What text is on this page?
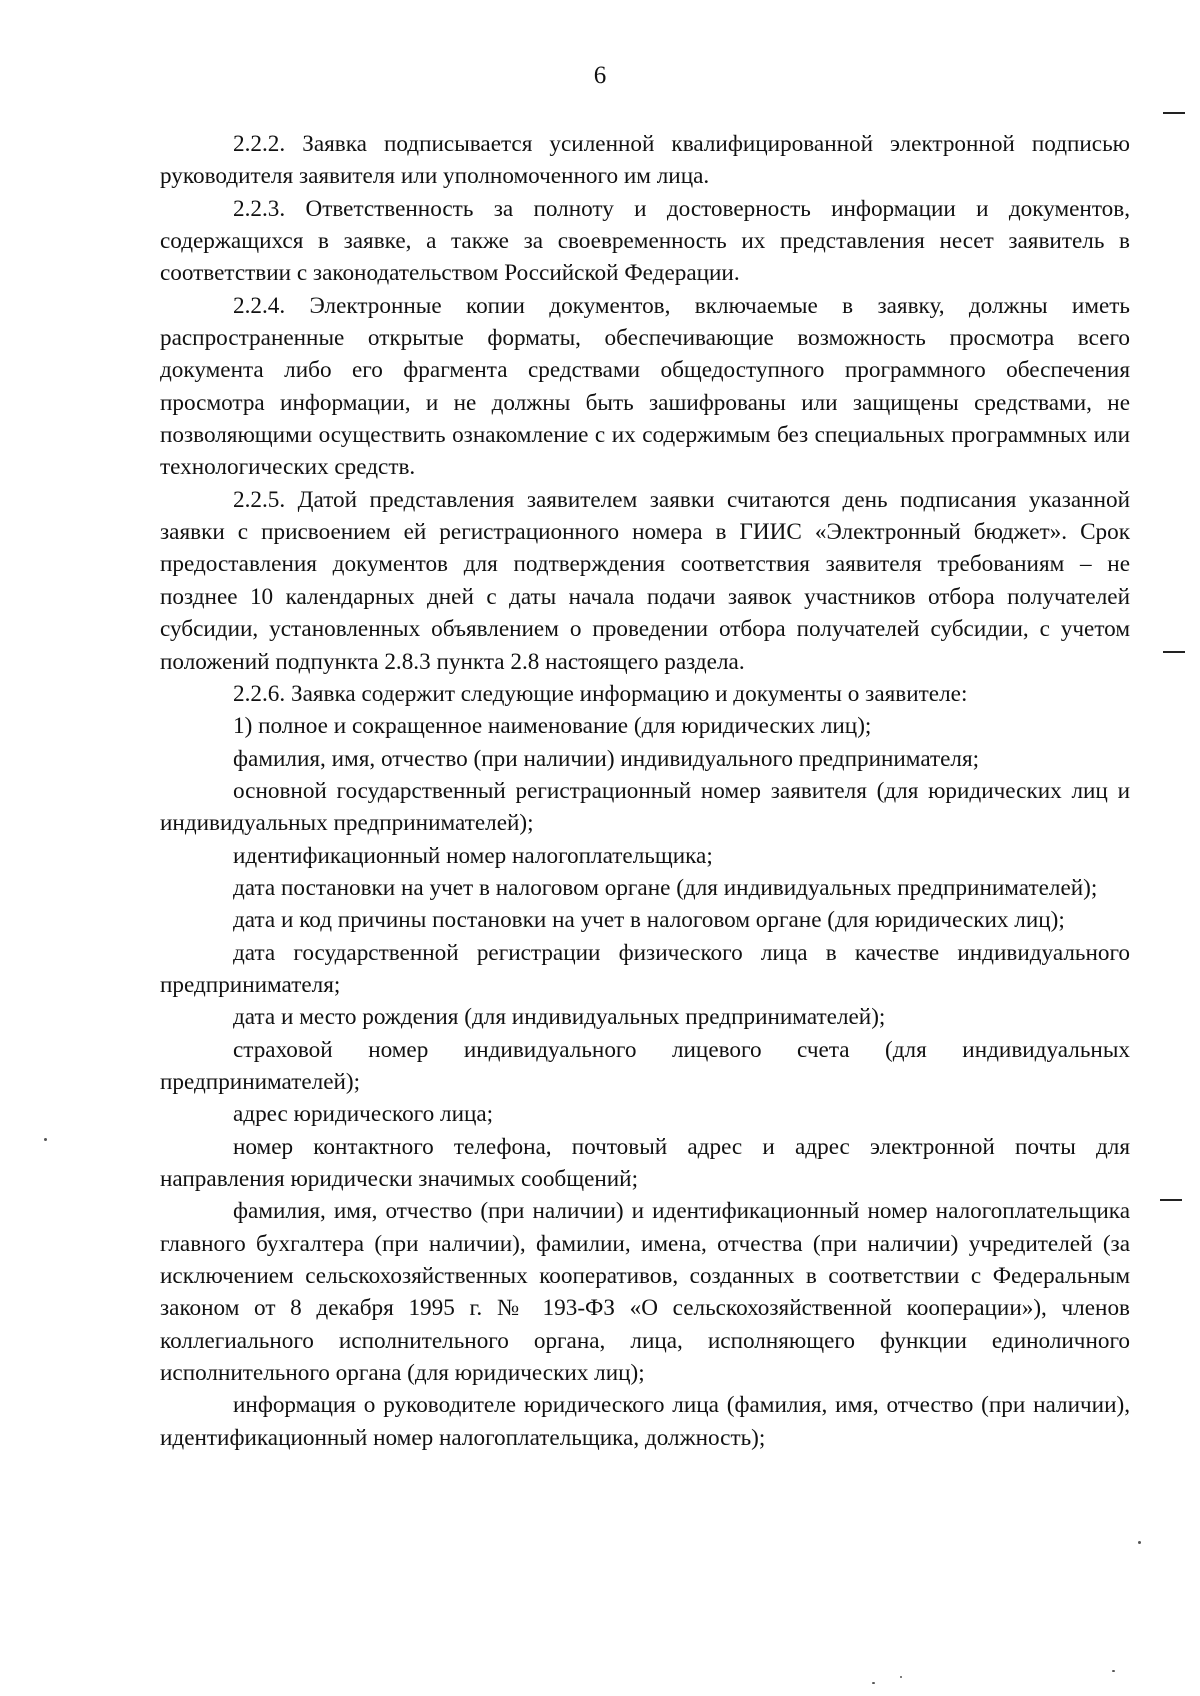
6

2.2.2. Заявка подписывается усиленной квалифицированной электронной подписью руководителя заявителя или уполномоченного им лица.

2.2.3. Ответственность за полноту и достоверность информации и документов, содержащихся в заявке, а также за своевременность их представления несет заявитель в соответствии с законодательством Российской Федерации.

2.2.4. Электронные копии документов, включаемые в заявку, должны иметь распространенные открытые форматы, обеспечивающие возможность просмотра всего документа либо его фрагмента средствами общедоступного программного обеспечения просмотра информации, и не должны быть зашифрованы или защищены средствами, не позволяющими осуществить ознакомление с их содержимым без специальных программных или технологических средств.

2.2.5. Датой представления заявителем заявки считаются день подписания указанной заявки с присвоением ей регистрационного номера в ГИИС «Электронный бюджет». Срок предоставления документов для подтверждения соответствия заявителя требованиям – не позднее 10 календарных дней с даты начала подачи заявок участников отбора получателей субсидии, установленных объявлением о проведении отбора получателей субсидии, с учетом положений подпункта 2.8.3 пункта 2.8 настоящего раздела.

2.2.6. Заявка содержит следующие информацию и документы о заявителе:

1) полное и сокращенное наименование (для юридических лиц);

фамилия, имя, отчество (при наличии) индивидуального предпринимателя;

основной государственный регистрационный номер заявителя (для юридических лиц и индивидуальных предпринимателей);

идентификационный номер налогоплательщика;

дата постановки на учет в налоговом органе (для индивидуальных предпринимателей);

дата и код причины постановки на учет в налоговом органе (для юридических лиц);

дата государственной регистрации физического лица в качестве индивидуального предпринимателя;

дата и место рождения (для индивидуальных предпринимателей);

страховой номер индивидуального лицевого счета (для индивидуальных предпринимателей);

адрес юридического лица;

номер контактного телефона, почтовый адрес и адрес электронной почты для направления юридически значимых сообщений;

фамилия, имя, отчество (при наличии) и идентификационный номер налогоплательщика главного бухгалтера (при наличии), фамилии, имена, отчества (при наличии) учредителей (за исключением сельскохозяйственных кооперативов, созданных в соответствии с Федеральным законом от 8 декабря 1995 г. № 193-ФЗ «О сельскохозяйственной кооперации»), членов коллегиального исполнительного органа, лица, исполняющего функции единоличного исполнительного органа (для юридических лиц);

информация о руководителе юридического лица (фамилия, имя, отчество (при наличии), идентификационный номер налогоплательщика, должность);
